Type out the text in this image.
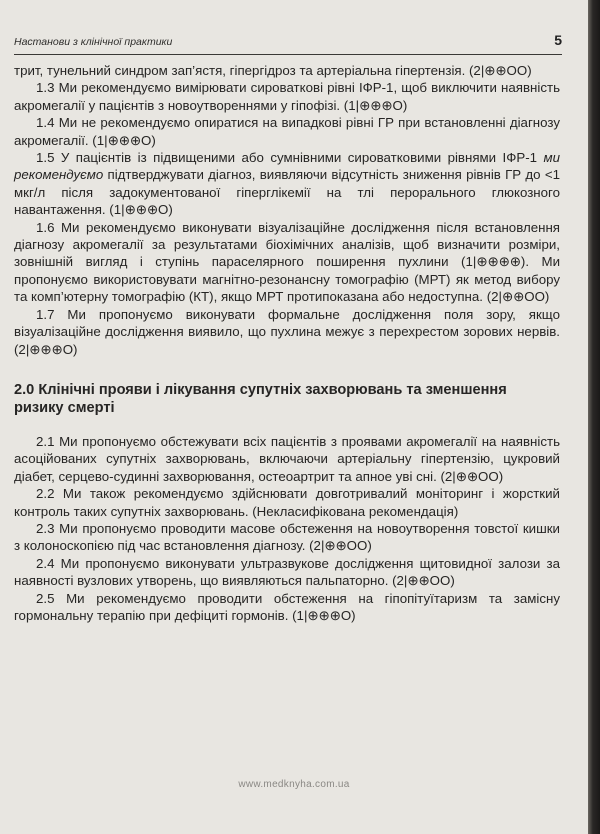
Настанови з клінічної практики	5

трит, тунельний синдром зап’ястя, гіпергідроз та артеріальна гіпертензія. (2|⊕⊕OO)

1.3 Ми рекомендуємо вимірювати сироваткові рівні ІФР-1, щоб виключити наявність акромегалії у пацієнтів з новоутвореннями у гіпофізі. (1|⊕⊕⊕O)

1.4 Ми не рекомендуємо опиратися на випадкові рівні ГР при встановленні діагнозу акромегалії. (1|⊕⊕⊕O)

1.5 У пацієнтів із підвищеними або сумнівними сироватковими рівнями ІФР-1 ми рекомендуємо підтверджувати діагноз, виявляючи відсутність зниження рівнів ГР до <1 мкг/л після задокументованої гіперглікемії на тлі перорального глюкозного навантаження. (1|⊕⊕⊕O)

1.6 Ми рекомендуємо виконувати візуалізаційне дослідження після встановлення діагнозу акромегалії за результатами біохімічних аналізів, щоб визначити розміри, зовнішній вигляд і ступінь параселярного поширення пухлини (1|⊕⊕⊕⊕). Ми пропонуємо використовувати магнітно-резонансну томографію (МРТ) як метод вибору та комп’ютерну томографію (КТ), якщо МРТ протипоказана або недоступна. (2|⊕⊕OO)

1.7 Ми пропонуємо виконувати формальне дослідження поля зору, якщо візуалізаційне дослідження виявило, що пухлина межує з перехрестом зорових нервів. (2|⊕⊕⊕O)

2.0 Клінічні прояви і лікування супутніх захворювань та зменшення ризику смерті

2.1 Ми пропонуємо обстежувати всіх пацієнтів з проявами акромегалії на наявність асоційованих супутніх захворювань, включаючи артеріальну гіпертензію, цукровий діабет, серцево-судинні захворювання, остеоартрит та апное уві сні. (2|⊕⊕OO)

2.2 Ми також рекомендуємо здійснювати довготривалий моніторинг і жорсткий контроль таких супутніх захворювань. (Некласифікована рекомендація)

2.3 Ми пропонуємо проводити масове обстеження на новоутворення товстої кишки з колоноскопією під час встановлення діагнозу. (2|⊕⊕OO)

2.4 Ми пропонуємо виконувати ультразвукове дослідження щитовидної залози за наявності вузлових утворень, що виявляються пальпаторно. (2|⊕⊕OO)

2.5 Ми рекомендуємо проводити обстеження на гіпопітуїтаризм та замісну гормональну терапію при дефіциті гормонів. (1|⊕⊕⊕O)

www.medknyha.com.ua
